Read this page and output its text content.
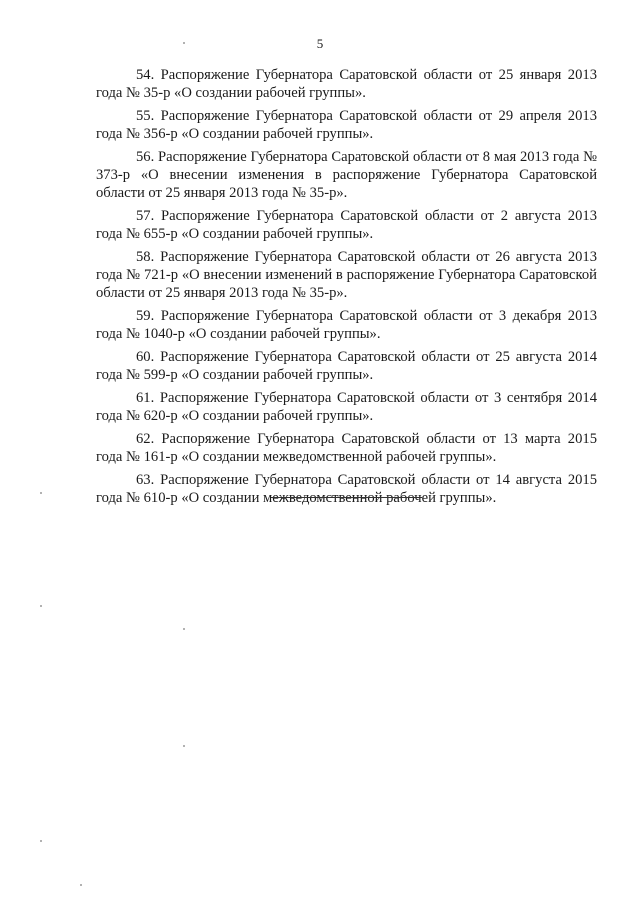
5

54. Распоряжение Губернатора Саратовской области от 25 января 2013 года № 35-р «О создании рабочей группы».

55. Распоряжение Губернатора Саратовской области от 29 апреля 2013 года № 356-р «О создании рабочей группы».

56. Распоряжение Губернатора Саратовской области от 8 мая 2013 года № 373-р «О внесении изменения в распоряжение Губернатора Саратовской области от 25 января 2013 года № 35-р».

57. Распоряжение Губернатора Саратовской области от 2 августа 2013 года № 655-р «О создании рабочей группы».

58. Распоряжение Губернатора Саратовской области от 26 августа 2013 года № 721-р «О внесении изменений в распоряжение Губернатора Саратовской области от 25 января 2013 года № 35-р».

59. Распоряжение Губернатора Саратовской области от 3 декабря 2013 года № 1040-р «О создании рабочей группы».

60. Распоряжение Губернатора Саратовской области от 25 августа 2014 года № 599-р «О создании рабочей группы».

61. Распоряжение Губернатора Саратовской области от 3 сентября 2014 года № 620-р «О создании рабочей группы».

62. Распоряжение Губернатора Саратовской области от 13 марта 2015 года № 161-р «О создании межведомственной рабочей группы».

63. Распоряжение Губернатора Саратовской области от 14 августа 2015 года № 610-р «О создании межведомственной рабочей группы».
